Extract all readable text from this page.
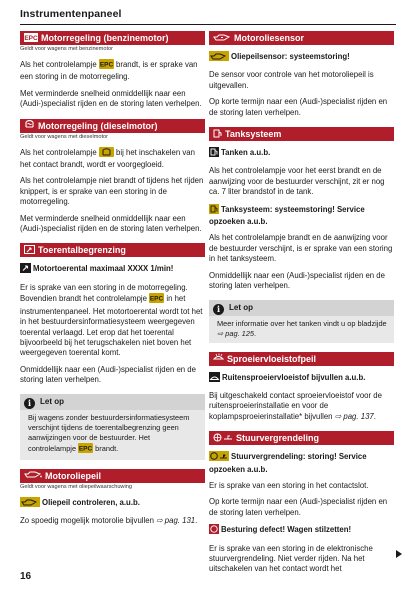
Instrumentenpaneel
EPC Motorregeling (benzinemotor)
Geldt voor wagens met benzinemotor

Als het controlelampje EPC brandt, is er sprake van een storing in de motorregeling.

Met verminderde snelheid onmiddellijk naar een (Audi-)specialist rijden en de storing laten verhelpen.

Motorregeling (dieselmotor)
Geldt voor wagens met dieselmotor

Als het controlelampje  bij het inschakelen van het contact brandt, wordt er voorgegloeid.

Als het controlelampje niet brandt of tijdens het rijden knippert, is er sprake van een storing in de motorregeling.

Met verminderde snelheid onmiddellijk naar een (Audi-)specialist rijden en de storing laten verhelpen.

Toerentalbegrenzing
Motortoerental maximaal XXXX 1/min!

Er is sprake van een storing in de motorregeling. Bovendien brandt het controlelampje EPC in het instrumentenpaneel. Het motortoerental wordt tot het in het bestuurdersinformatiesysteem weergegeven toerental verlaagd. Let erop dat het toerental bijvoorbeeld bij het terugschakelen niet boven het weergegeven toerental komt.

Onmiddellijk naar een (Audi-)specialist rijden en de storing laten verhelpen.

i Let op
Bij wagens zonder bestuurdersinformatiesysteem verschijnt tijdens de toerentalbegrenzing geen aanwijzingen voor de bestuurder. Het controlelampje EPC brandt.
Motoroliepeil
Geldt voor wagens met oliepeilwaarschuwing
Oliepeil controleren, a.u.b.

Zo spoedig mogelijk motorolie bijvullen ⇨ pag. 131.

Motoroliesensor
Oliepeilsensor: systeemstoring!

De sensor voor controle van het motoroliepeil is uitgevallen.

Op korte termijn naar een (Audi-)specialist rijden en de storing laten verhelpen.

Tanksysteem
Tanken a.u.b.

Als het controlelampje voor het eerst brandt en de aanwijzing voor de bestuurder verschijnt, zit er nog ca. 7 liter brandstof in de tank.

Tanksysteem: systeemstoring! Service opzoeken a.u.b.

Als het controlelampje brandt en de aanwijzing voor de bestuurder verschijnt, is er sprake van een storing in het tanksysteem.

Onmiddellijk naar een (Audi-)specialist rijden en de storing laten verhelpen.

i Let op
Meer informatie over het tanken vindt u op bladzijde ⇨ pag. 125.
Sproeiervloeistofpeil
Ruitensproeiervloeistof bijvullen a.u.b.

Bij uitgeschakeld contact sproeiervloeistof voor de ruitensproeierinstallatie en voor de koplampsproeierinstallatie* bijvullen ⇨ pag. 137.

Stuurvergrendeling
Stuurvergrendeling: storing! Service opzoeken a.u.b.

Er is sprake van een storing in het contactslot.

Op korte termijn naar een (Audi-)specialist rijden en de storing laten verhelpen.

Besturing defect! Wagen stilzetten!

Er is sprake van een storing in de elektronische stuurvergrendeling. Niet verder rijden. Na het uitschakelen van het contact wordt het

16
